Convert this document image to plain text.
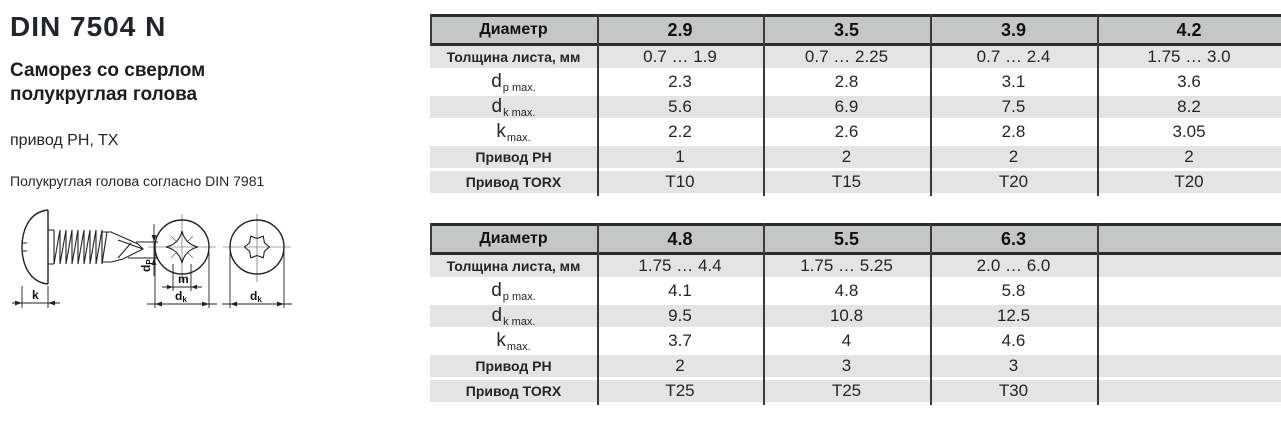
DIN 7504 N

Саморез со сверлом
полукруглая голова

привод PH, TX

Полукруглая голова согласно DIN 7981

k
dP
m
dk	dk
Диаметр	2.9	3.5	3.9	4.2
Толщина листа, мм	0.7 … 1.9	0.7 … 2.25	0.7 … 2.4	1.75 … 3.0
$d_{p max.}$	2.3	2.8	3.1	3.6
$d_{k max.}$	5.6	6.9	7.5	8.2
$k_{max.}$	2.2	2.6	2.8	3.05
Привод PH	1	2	2	2
Привод TORX	T10	T15	T20	T20
Диаметр	4.8	5.5	6.3
Толщина листа, мм	1.75 … 4.4	1.75 … 5.25	2.0 … 6.0
$d_{p max.}$	4.1	4.8	5.8
$d_{k max.}$	9.5	10.8	12.5
$k_{max.}$	3.7	4	4.6
Привод PH	2	3	3
Привод TORX	T25	T25	T30
